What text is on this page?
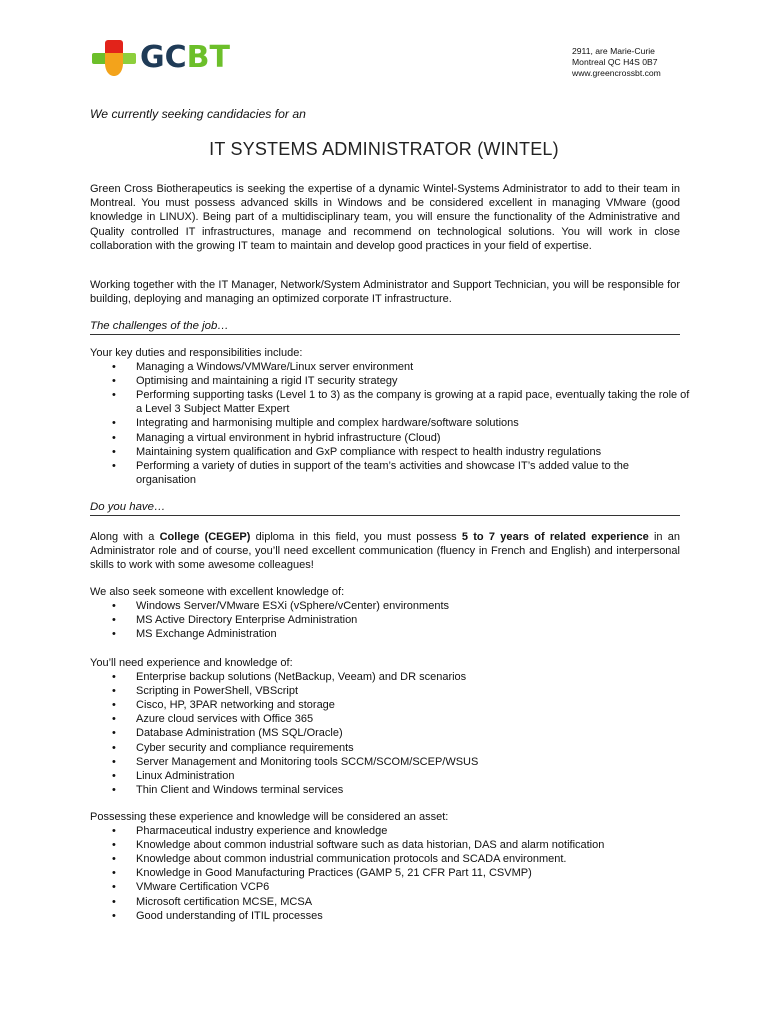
GCBT	2911, are Marie-Curie
Montreal QC H4S 0B7
www.greencrossbt.com
We currently seeking candidacies for an
IT SYSTEMS ADMINISTRATOR (WINTEL)

Green Cross Biotherapeutics is seeking the expertise of a dynamic Wintel-Systems Administrator to add to their team in Montreal. You must possess advanced skills in Windows and be considered excellent in managing VMware (good knowledge in LINUX). Being part of a multidisciplinary team, you will ensure the functionality of the Administrative and Quality controlled IT infrastructures, manage and recommend on technological solutions. You will work in close collaboration with the growing IT team to maintain and develop good practices in your field of expertise.

Working together with the IT Manager, Network/System Administrator and Support Technician, you will be responsible for building, deploying and managing an optimized corporate IT infrastructure.

The challenges of the job…

Your key duties and responsibilities include:

• Managing a Windows/VMWare/Linux server environment
• Optimising and maintaining a rigid IT security strategy
• Performing supporting tasks (Level 1 to 3) as the company is growing at a rapid pace, eventually taking the role of a Level 3 Subject Matter Expert
• Integrating and harmonising multiple and complex hardware/software solutions
• Managing a virtual environment in hybrid infrastructure (Cloud)
• Maintaining system qualification and GxP compliance with respect to health industry regulations
• Performing a variety of duties in support of the team’s activities and showcase IT’s added value to the organisation
Do you have…

Along with a College (CEGEP) diploma in this field, you must possess 5 to 7 years of related experience in an Administrator role and of course, you’ll need excellent communication (fluency in French and English) and interpersonal skills to work with some awesome colleagues!

We also seek someone with excellent knowledge of:

• Windows Server/VMware ESXi (vSphere/vCenter) environments
• MS Active Directory Enterprise Administration
• MS Exchange Administration

You’ll need experience and knowledge of:

• Enterprise backup solutions (NetBackup, Veeam) and DR scenarios
• Scripting in PowerShell, VBScript
• Cisco, HP, 3PAR networking and storage
• Azure cloud services with Office 365
• Database Administration (MS SQL/Oracle)
• Cyber security and compliance requirements
• Server Management and Monitoring tools SCCM/SCOM/SCEP/WSUS
• Linux Administration
• Thin Client and Windows terminal services

Possessing these experience and knowledge will be considered an asset:

• Pharmaceutical industry experience and knowledge
• Knowledge about common industrial software such as data historian, DAS and alarm notification
• Knowledge about common industrial communication protocols and SCADA environment.
• Knowledge in Good Manufacturing Practices (GAMP 5, 21 CFR Part 11, CSVMP)
• VMware Certification VCP6
• Microsoft certification MCSE, MCSA
• Good understanding of ITIL processes
